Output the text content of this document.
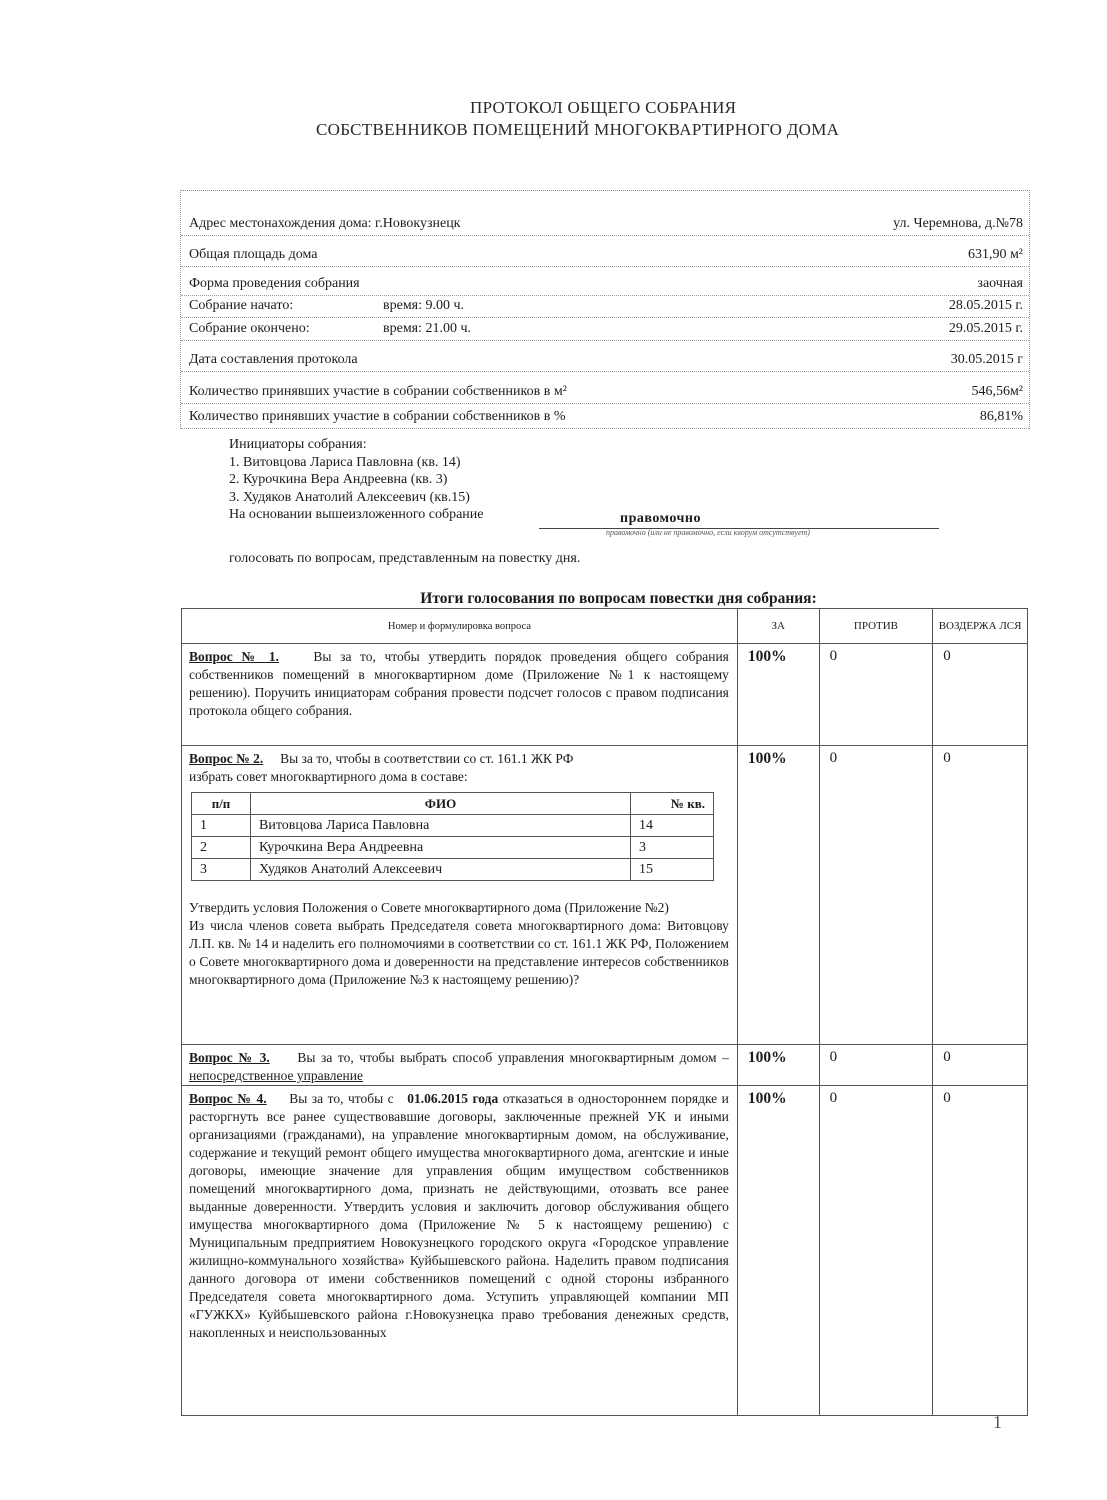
ПРОТОКОЛ ОБЩЕГО СОБРАНИЯ
СОБСТВЕННИКОВ ПОМЕЩЕНИЙ МНОГОКВАРТИРНОГО ДОМА
Адрес местонахождения дома: г.Новокузнецк	ул. Черемнова, д.№78
Общая площадь дома	631,90 м²
Форма проведения собрания	заочная
Собрание начато:	время: 9.00 ч.	28.05.2015 г.
Собрание окончено:	время: 21.00 ч.	29.05.2015 г.
Дата составления протокола	30.05.2015 г
Количество принявших участие в собрании собственников в м²	546,56м²
Количество принявших участие в собрании собственников в %	86,81%
Инициаторы собрания:
1. Витовцова Лариса Павловна (кв. 14)
2. Курочкина Вера Андреевна (кв. 3)
3. Худяков Анатолий Алексеевич (кв.15)
На основании вышеизложенного собрание	правомочно
правомочно (или не правомочно, если кворум отсутствует)
голосовать по вопросам, представленным на повестку дня.
Итоги голосования по вопросам повестки дня собрания:
Номер и формулировка вопроса	ЗА	ПРОТИВ	ВОЗДЕРЖА ЛСЯ
Вопрос № 1.	Вы за то, чтобы утвердить порядок проведения общего собрания собственников помещений в многоквартирном доме (Приложение №1 к настоящему решению). Поручить инициаторам собрания провести подсчет голосов с правом подписания протокола общего собрания.	100%	0	0

Вопрос № 2. Вы за то, чтобы в соответствии со ст. 161.1 ЖК РФ
избрать совет многоквартирного дома в составе:
п/п	ФИО	№ кв.
1	Витовцова Лариса Павловна	14
2	Курочкина Вера Андреевна	3
3	Худяков Анатолий Алексеевич	15
Утвердить условия Положения о Совете многоквартирного дома (Приложение №2)
Из числа членов совета выбрать Председателя совета многоквартирного дома: Витовцову Л.П. кв. № 14 и наделить его полномочиями в соответствии со ст. 161.1 ЖК РФ, Положением о Совете многоквартирного дома и доверенности на представление интересов собственников многоквартирного дома (Приложение №3 к настоящему решению)?
	100%	0	0
Вопрос № 3. Вы за то, чтобы выбрать способ управления многоквартирным домом – непосредственное управление	100%	0	0
Вопрос № 4. Вы за то, чтобы с 01.06.2015 года отказаться в одностороннем порядке и расторгнуть все ранее существовавшие договоры, заключенные прежней УК и иными организациями (гражданами), на управление многоквартирным домом, на обслуживание, содержание и текущий ремонт общего имущества многоквартирного дома, агентские и иные договоры, имеющие значение для управления общим имуществом собственников помещений многоквартирного дома, признать не действующими, отозвать все ранее выданные доверенности. Утвердить условия и заключить договор обслуживания общего имущества многоквартирного дома (Приложение № 5 к настоящему решению) с Муниципальным предприятием Новокузнецкого городского округа «Городское управление жилищно-коммунального хозяйства» Куйбышевского района. Наделить правом подписания данного договора от имени собственников помещений с одной стороны избранного Председателя совета многоквартирного дома. Уступить управляющей компании МП «ГУЖКХ» Куйбышевского района г.Новокузнецка право требования денежных средств, накопленных и неиспользованных	100%	0	0
1
